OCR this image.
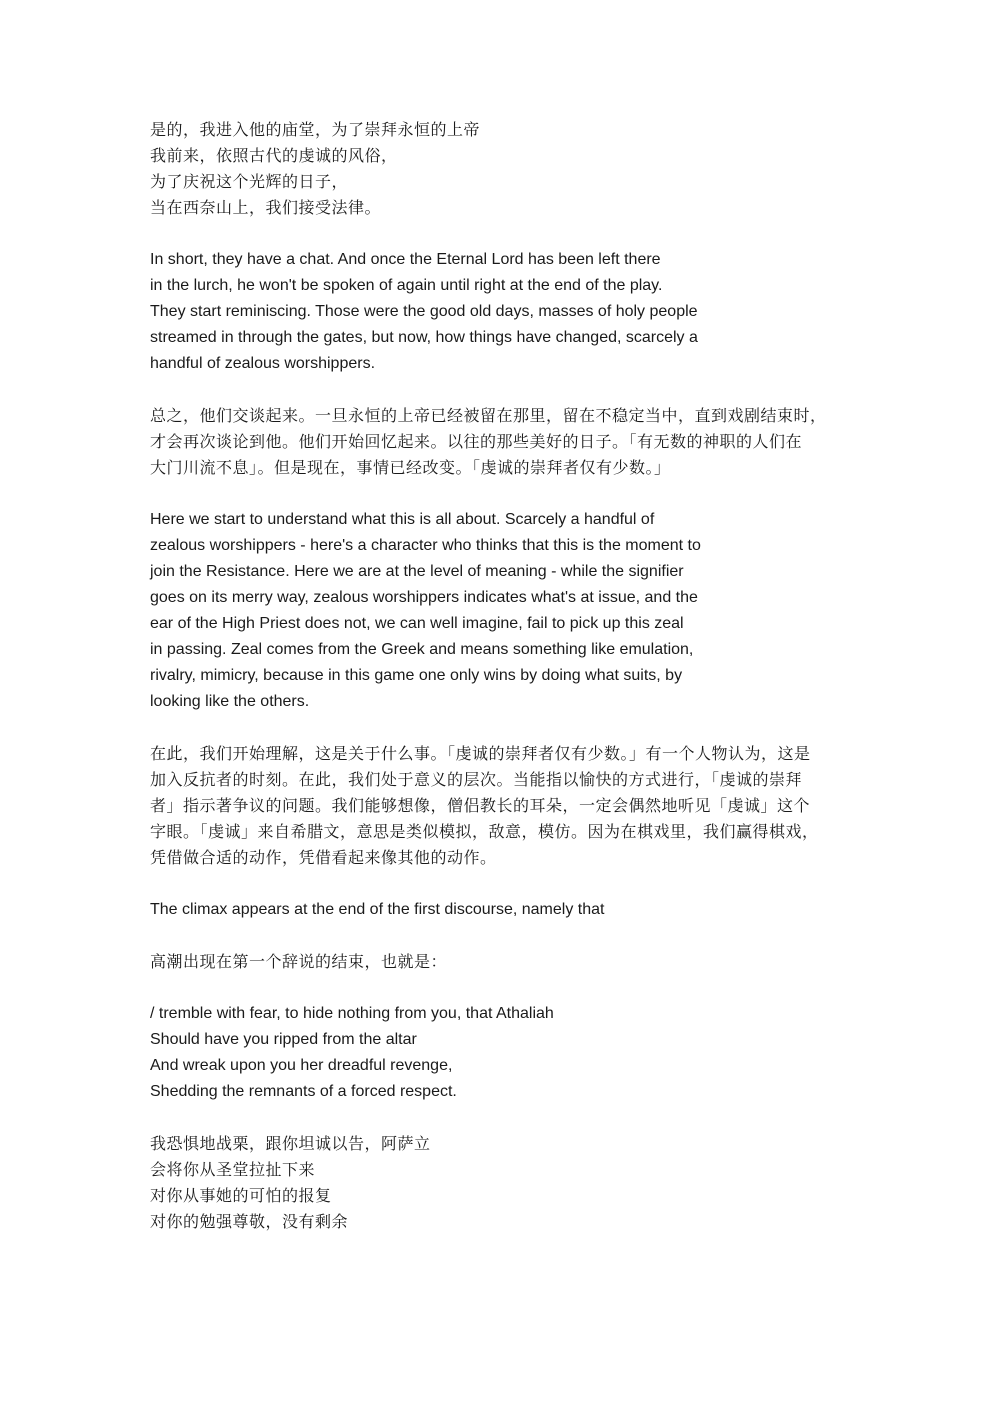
是的，我进入他的庙堂，为了崇拜永恒的上帝
我前来，依照古代的虔诚的风俗，
为了庆祝这个光辉的日子，
当在西奈山上，我们接受法律。
In short, they have a chat. And once the Eternal Lord has been left there
in the lurch, he won't be spoken of again until right at the end of the play.
They start reminiscing. Those were the good old days, masses of holy people
streamed in through the gates, but now, how things have changed, scarcely a
handful of zealous worshippers.
总之，他们交谈起来。一旦永恒的上帝已经被留在那里，留在不稳定当中，直到戏剧结束时，
才会再次谈论到他。他们开始回忆起来。以往的那些美好的日子。「有无数的神职的人们在
大门川流不息」。但是现在，事情已经改变。「虔诚的崇拜者仅有少数。」
Here we start to understand what this is all about. Scarcely a handful of
zealous worshippers - here's a character who thinks that this is the moment to
join the Resistance. Here we are at the level of meaning - while the signifier
goes on its merry way, zealous worshippers indicates what's at issue, and the
ear of the High Priest does not, we can well imagine, fail to pick up this zeal
in passing. Zeal comes from the Greek and means something like emulation,
rivalry, mimicry, because in this game one only wins by doing what suits, by
looking like the others.
在此，我们开始理解，这是关于什么事。「虔诚的崇拜者仅有少数。」有一个人物认为，这是
加入反抗者的时刻。在此，我们处于意义的层次。当能指以愉快的方式进行，「虔诚的崇拜
者」指示著争议的问题。我们能够想像，僧侣教长的耳朵，一定会偶然地听见「虔诚」这个
字眼。「虔诚」来自希腊文，意思是类似模拟，敌意，模仿。因为在棋戏里，我们赢得棋戏，
凭借做合适的动作，凭借看起来像其他的动作。
The climax appears at the end of the first discourse, namely that
高潮出现在第一个辞说的结束，也就是：
/ tremble with fear, to hide nothing from you, that Athaliah
Should have you ripped from the altar
And wreak upon you her dreadful revenge,
Shedding the remnants of a forced respect.
我恐惧地战栗，跟你坦诚以告，阿萨立
会将你从圣堂拉扯下来
对你从事她的可怕的报复
对你的勉强尊敬，没有剩余
